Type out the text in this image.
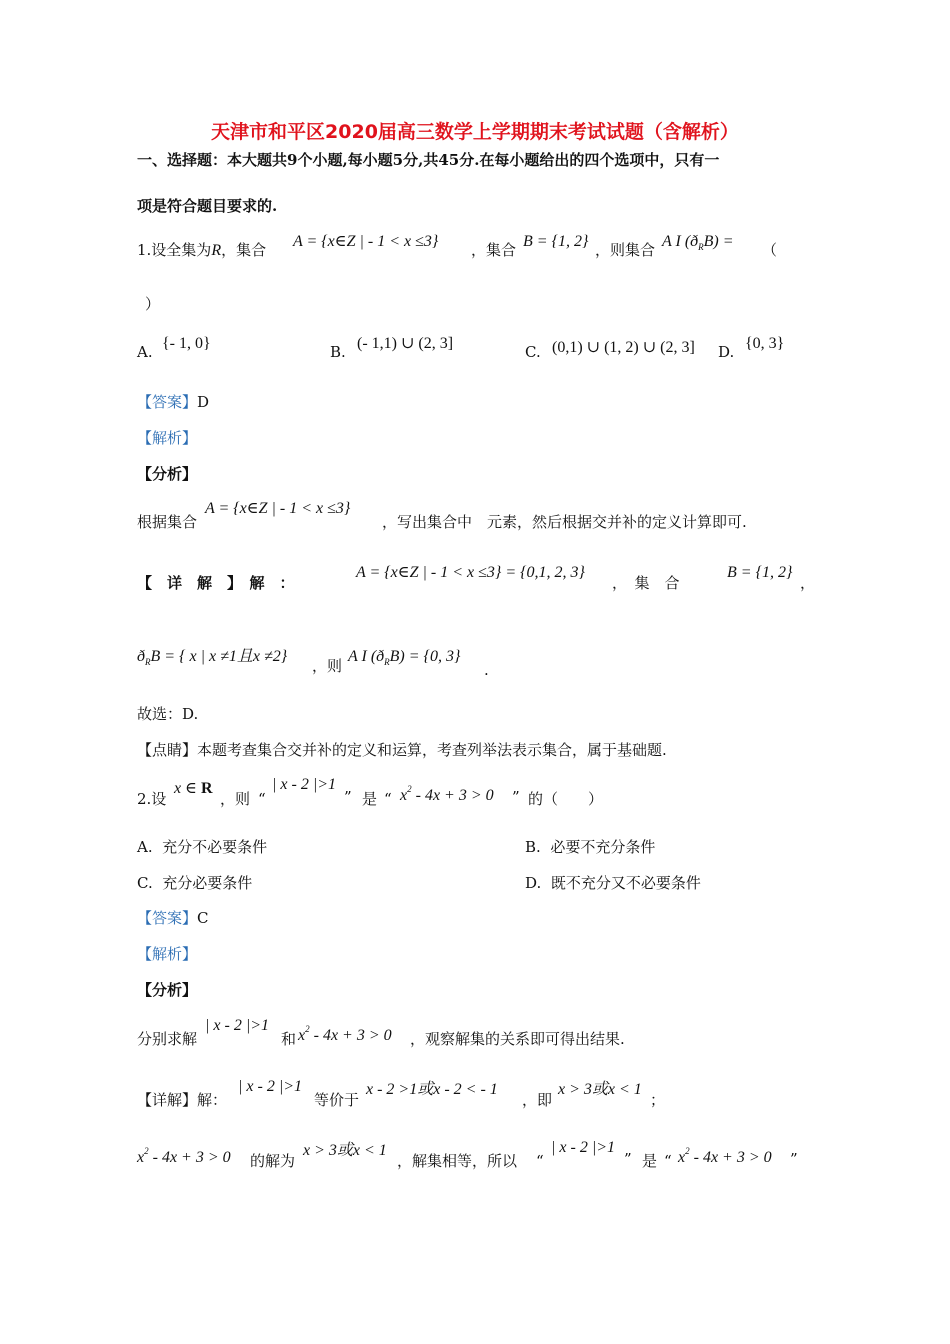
天津市和平区2020届高三数学上学期期末考试试题（含解析）
一、选择题：本大题共9个小题,每小题5分,共45分.在每小题给出的四个选项中，只有一
项是符合题目要求的.
1.设全集为R，集合 A = {x∈Z | - 1 < x ≤3} ，集合 B = {1, 2} ，则集合 A I $(ð_RB)$ = （
）
A. {- 1, 0}	B. (- 1,1) ∪ (2, 3]	C. (0,1) ∪ (1, 2) ∪ (2, 3] D. {0, 3}
【答案】D
【解析】
【分析】
根据集合
A = {x∈Z | - 1 < x ≤3}
，写出集合中　元素，然后根据交并补的定义计算即可.
【　详　解　】　解　：
A = {x∈Z | - 1 < x ≤3} = {0,1, 2, 3}
，　集　合
B = {1, 2}
，
$ð_RB$ = { x | x ≠1且x ≠2}
，则
A I $(ð_RB) = \{0$, 3}
.
故选：D.
【点睛】本题考查集合交并补的定义和运算，考查列举法表示集合，属于基础题.
2.设
x ∈ R
，则 “
| x - 2 |>1
” 是 “ $x^2 - 4x + 3 > 0$ ” 的（　　）
A. 充分不必要条件	B. 必要不充分条件
C. 充分必要条件	D. 既不充分又不必要条件
【答案】C
【解析】
【分析】
分别求解
| x - 2 |>1
和 $x^2 - 4x + 3 > 0$ ，观察解集的关系即可得出结果.
【详解】解：
| x - 2 |>1
等价于
x - 2 >1或x - 2 < - 1
，即
x > 3或x < 1
；
$x^2 - 4x + 3 > 0$ 的解为
x > 3或x < 1
，解集相等，所以 “
| x - 2 |>1
” 是 “ $x^2 - 4x + 3 > 0$ ”
